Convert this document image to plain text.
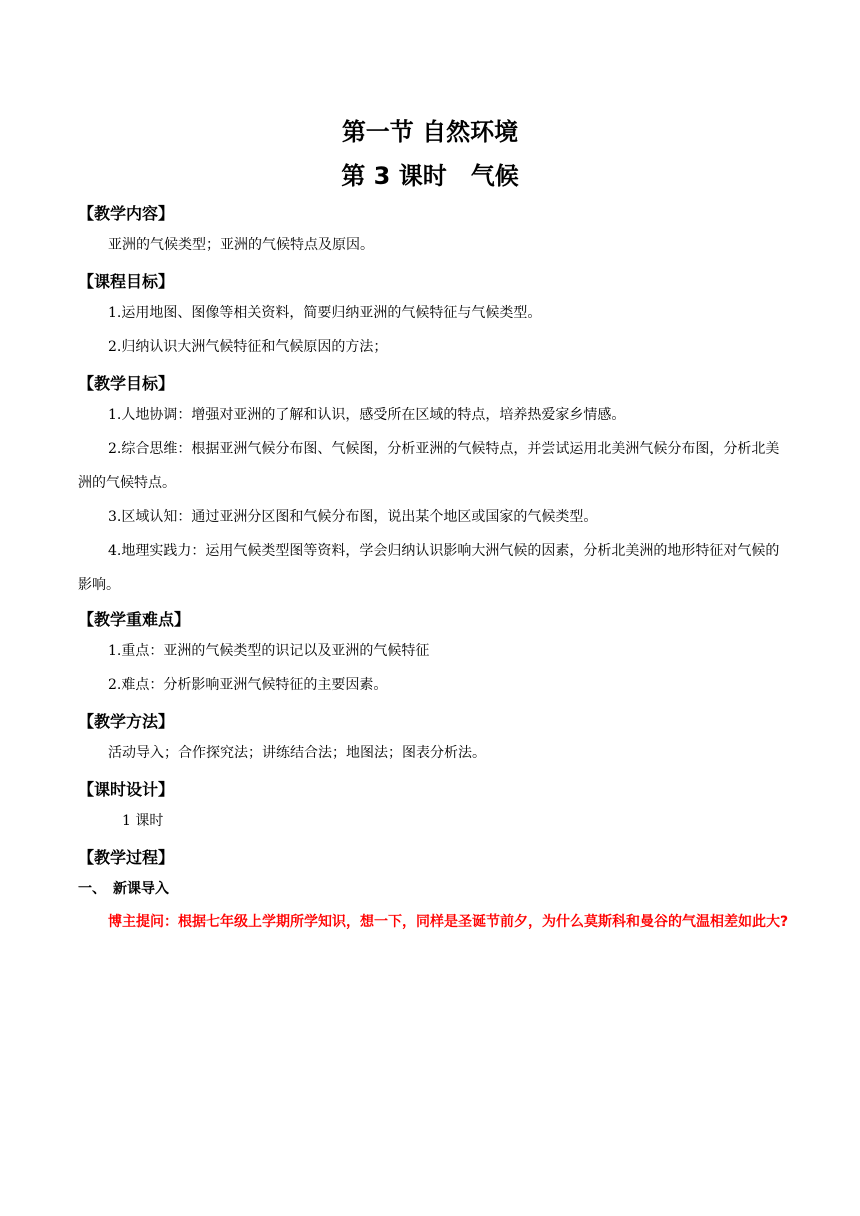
第一节 自然环境
第 3 课时　气候
【教学内容】

亚洲的气候类型；亚洲的气候特点及原因。

【课程目标】

1.运用地图、图像等相关资料，简要归纳亚洲的气候特征与气候类型。

2.归纳认识大洲气候特征和气候原因的方法；

【教学目标】

1.人地协调：增强对亚洲的了解和认识，感受所在区域的特点，培养热爱家乡情感。

2.综合思维：根据亚洲气候分布图、气候图，分析亚洲的气候特点，并尝试运用北美洲气候分布图，分析北美洲的气候特点。

3.区域认知：通过亚洲分区图和气候分布图，说出某个地区或国家的气候类型。

4.地理实践力：运用气候类型图等资料，学会归纳认识影响大洲气候的因素，分析北美洲的地形特征对气候的影响。

【教学重难点】

1.重点：亚洲的气候类型的识记以及亚洲的气候特征

2.难点：分析影响亚洲气候特征的主要因素。

【教学方法】

活动导入；合作探究法；讲练结合法；地图法；图表分析法。

【课时设计】

1 课时

【教学过程】
一、　新课导入

博主提问：根据七年级上学期所学知识，想一下，同样是圣诞节前夕，为什么莫斯科和曼谷的气温相差如此大?
